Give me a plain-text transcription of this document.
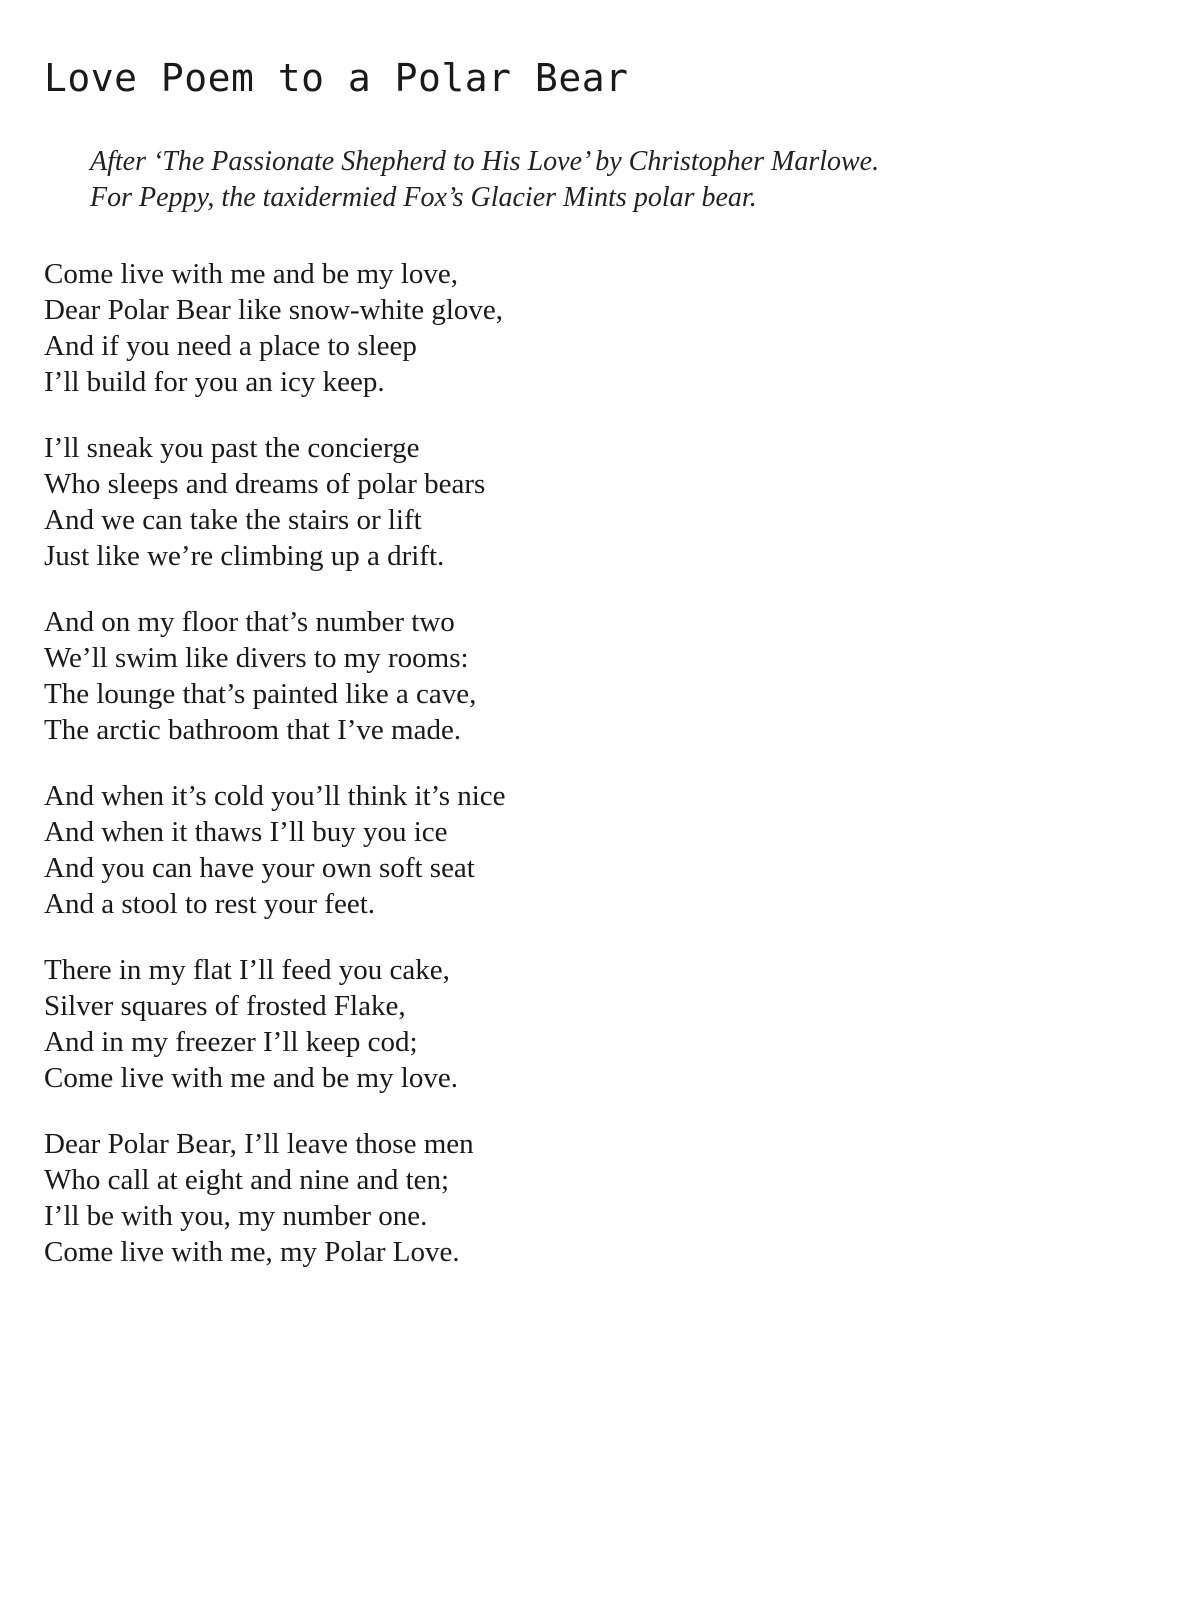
Love Poem to a Polar Bear
After ‘The Passionate Shepherd to His Love’ by Christopher Marlowe.
For Peppy, the taxidermied Fox’s Glacier Mints polar bear.
Come live with me and be my love,
Dear Polar Bear like snow-white glove,
And if you need a place to sleep
I’ll build for you an icy keep.
I’ll sneak you past the concierge
Who sleeps and dreams of polar bears
And we can take the stairs or lift
Just like we’re climbing up a drift.
And on my floor that’s number two
We’ll swim like divers to my rooms:
The lounge that’s painted like a cave,
The arctic bathroom that I’ve made.
And when it’s cold you’ll think it’s nice
And when it thaws I’ll buy you ice
And you can have your own soft seat
And a stool to rest your feet.
There in my flat I’ll feed you cake,
Silver squares of frosted Flake,
And in my freezer I’ll keep cod;
Come live with me and be my love.
Dear Polar Bear, I’ll leave those men
Who call at eight and nine and ten;
I’ll be with you, my number one.
Come live with me, my Polar Love.
